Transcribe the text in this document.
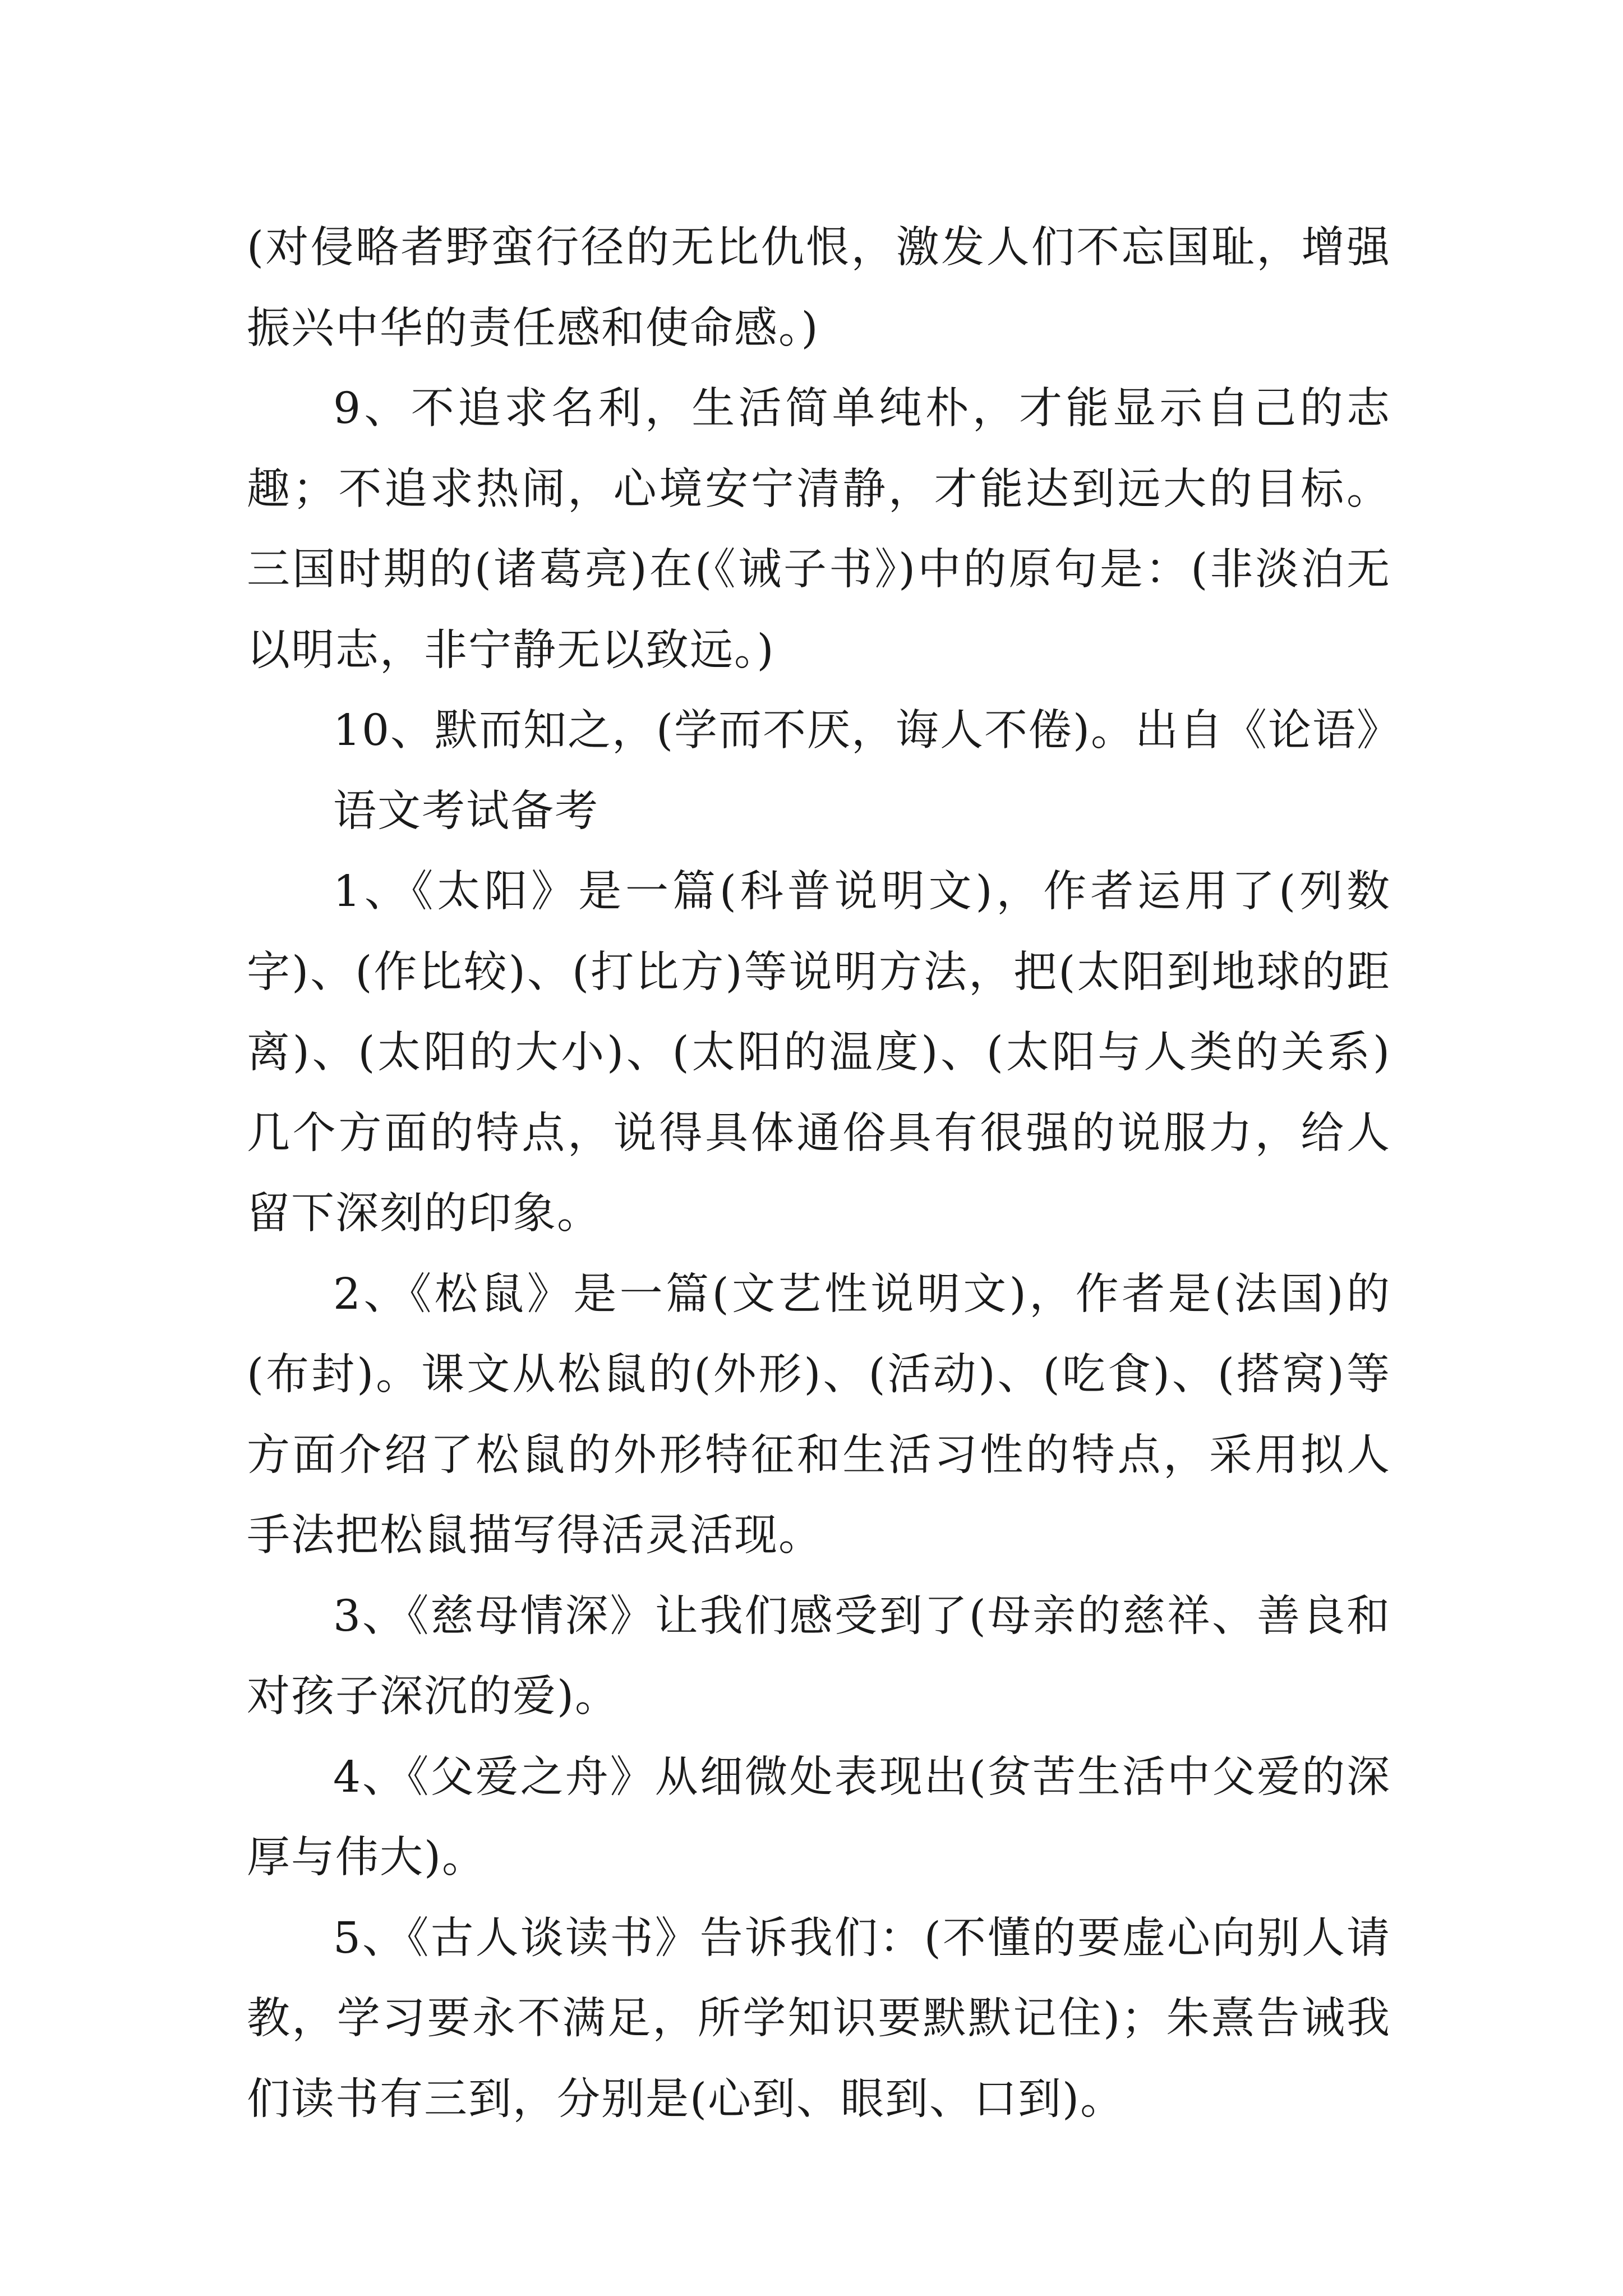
(对侵略者野蛮行径的无比仇恨，激发人们不忘国耻，增强振兴中华的责任感和使命感。)

9、不追求名利，生活简单纯朴，才能显示自己的志趣；不追求热闹，心境安宁清静，才能达到远大的目标。三国时期的(诸葛亮)在(《诫子书》)中的原句是：(非淡泊无以明志，非宁静无以致远。)

10、默而知之，(学而不厌，诲人不倦)。出自《论语》

语文考试备考

1、《太阳》是一篇(科普说明文)，作者运用了(列数字)、(作比较)、(打比方)等说明方法，把(太阳到地球的距离)、(太阳的大小)、(太阳的温度)、(太阳与人类的关系)几个方面的特点，说得具体通俗具有很强的说服力，给人留下深刻的印象。

2、《松鼠》是一篇(文艺性说明文)，作者是(法国)的(布封)。课文从松鼠的(外形)、(活动)、(吃食)、(搭窝)等方面介绍了松鼠的外形特征和生活习性的特点，采用拟人手法把松鼠描写得活灵活现。

3、《慈母情深》让我们感受到了(母亲的慈祥、善良和对孩子深沉的爱)。

4、《父爱之舟》从细微处表现出(贫苦生活中父爱的深厚与伟大)。

5、《古人谈读书》告诉我们：(不懂的要虚心向别人请教，学习要永不满足，所学知识要默默记住)；朱熹告诫我们读书有三到，分别是(心到、眼到、口到)。
